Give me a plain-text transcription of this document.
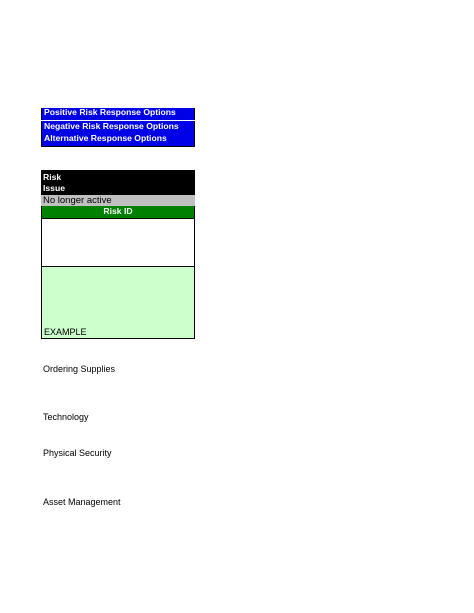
Positive Risk Response Options
Negative Risk Response Options
Alternative Response Options
Risk
Issue
No longer active
Risk ID
EXAMPLE
Ordering Supplies
Technology
Physical Security
Asset Management
